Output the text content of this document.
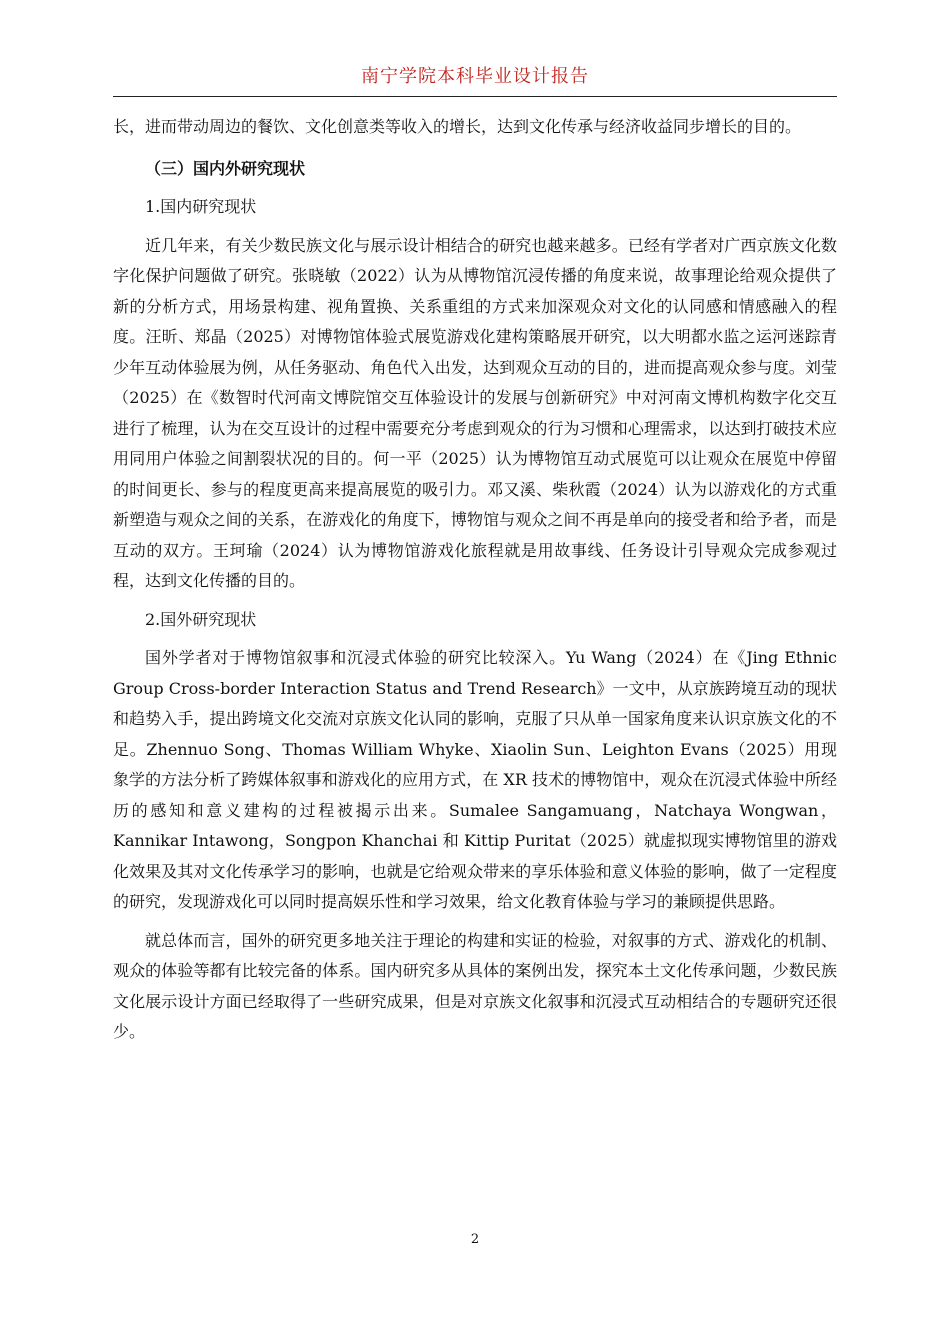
南宁学院本科毕业设计报告

长，进而带动周边的餐饮、文化创意类等收入的增长，达到文化传承与经济收益同步增长的目的。

（三）国内外研究现状

1.国内研究现状

近几年来，有关少数民族文化与展示设计相结合的研究也越来越多。已经有学者对广西京族文化数字化保护问题做了研究。张晓敏（2022）认为从博物馆沉浸传播的角度来说，故事理论给观众提供了新的分析方式，用场景构建、视角置换、关系重组的方式来加深观众对文化的认同感和情感融入的程度。汪昕、郑晶（2025）对博物馆体验式展览游戏化建构策略展开研究，以大明都水监之运河迷踪青少年互动体验展为例，从任务驱动、角色代入出发，达到观众互动的目的，进而提高观众参与度。刘莹（2025）在《数智时代河南文博院馆交互体验设计的发展与创新研究》中对河南文博机构数字化交互进行了梳理，认为在交互设计的过程中需要充分考虑到观众的行为习惯和心理需求，以达到打破技术应用同用户体验之间割裂状况的目的。何一平（2025）认为博物馆互动式展览可以让观众在展览中停留的时间更长、参与的程度更高来提高展览的吸引力。邓又溪、柴秋霞（2024）认为以游戏化的方式重新塑造与观众之间的关系，在游戏化的角度下，博物馆与观众之间不再是单向的接受者和给予者，而是互动的双方。王珂瑜（2024）认为博物馆游戏化旅程就是用故事线、任务设计引导观众完成参观过程，达到文化传播的目的。

2.国外研究现状

国外学者对于博物馆叙事和沉浸式体验的研究比较深入。Yu Wang（2024）在《Jing Ethnic Group Cross-border Interaction Status and Trend Research》一文中，从京族跨境互动的现状和趋势入手，提出跨境文化交流对京族文化认同的影响，克服了只从单一国家角度来认识京族文化的不足。Zhennuo Song、Thomas William Whyke、Xiaolin Sun、Leighton Evans（2025）用现象学的方法分析了跨媒体叙事和游戏化的应用方式，在 XR 技术的博物馆中，观众在沉浸式体验中所经历的感知和意义建构的过程被揭示出来。Sumalee Sangamuang，Natchaya Wongwan，Kannikar Intawong，Songpon Khanchai 和 Kittip Puritat（2025）就虚拟现实博物馆里的游戏化效果及其对文化传承学习的影响，也就是它给观众带来的享乐体验和意义体验的影响，做了一定程度的研究，发现游戏化可以同时提高娱乐性和学习效果，给文化教育体验与学习的兼顾提供思路。

就总体而言，国外的研究更多地关注于理论的构建和实证的检验，对叙事的方式、游戏化的机制、观众的体验等都有比较完备的体系。国内研究多从具体的案例出发，探究本土文化传承问题，少数民族文化展示设计方面已经取得了一些研究成果，但是对京族文化叙事和沉浸式互动相结合的专题研究还很少。

2
